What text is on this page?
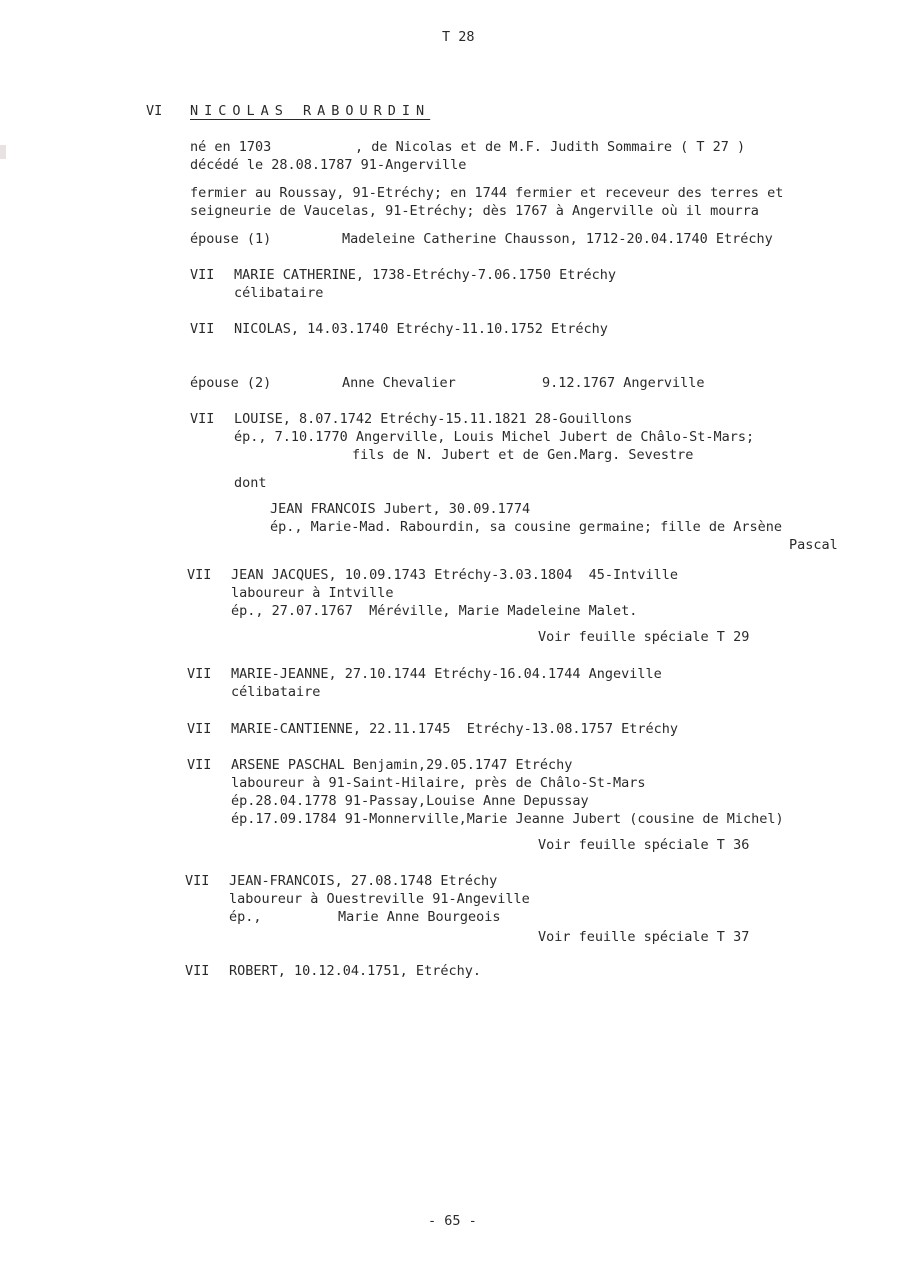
T 28
VI NICOLAS RABOURDIN
né en 1703	, de Nicolas et de M.F. Judith Sommaire ( T 27 )
décédé le 28.08.1787 91-Angerville
fermier au Roussay, 91-Etréchy; en 1744 fermier et receveur des terres et
seigneurie de Vaucelas, 91-Etréchy; dès 1767 à Angerville où il mourra
épouse (1)	Madeleine Catherine Chausson, 1712-20.04.1740 Etréchy
VII MARIE CATHERINE, 1738-Etréchy-7.06.1750 Etréchy
célibataire
VII NICOLAS, 14.03.1740 Etréchy-11.10.1752 Etréchy
épouse (2)	Anne Chevalier	9.12.1767 Angerville
VII LOUISE, 8.07.1742 Etréchy-15.11.1821 28-Gouillons
ép., 7.10.1770 Angerville, Louis Michel Jubert de Châlo-St-Mars;
fils de N. Jubert et de Gen.Marg. Sevestre
dont
JEAN FRANCOIS Jubert, 30.09.1774
ép., Marie-Mad. Rabourdin, sa cousine germaine; fille de Arsène
Pascal
VII JEAN JACQUES, 10.09.1743 Etréchy-3.03.1804  45-Intville
laboureur à Intville
ép., 27.07.1767  Méréville, Marie Madeleine Malet.
Voir feuille spéciale T 29
VII MARIE-JEANNE, 27.10.1744 Etréchy-16.04.1744 Angeville
célibataire
VII MARIE-CANTIENNE, 22.11.1745  Etréchy-13.08.1757 Etréchy
VII ARSENE PASCHAL Benjamin,29.05.1747 Etréchy
laboureur à 91-Saint-Hilaire, près de Châlo-St-Mars
ép.28.04.1778 91-Passay,Louise Anne Depussay
ép.17.09.1784 91-Monnerville,Marie Jeanne Jubert (cousine de Michel)
Voir feuille spéciale T 36
VII JEAN-FRANCOIS, 27.08.1748 Etréchy
laboureur à Ouestreville 91-Angeville
ép.,	Marie Anne Bourgeois
Voir feuille spéciale T 37
VII ROBERT, 10.12.04.1751, Etréchy.
- 65 -
